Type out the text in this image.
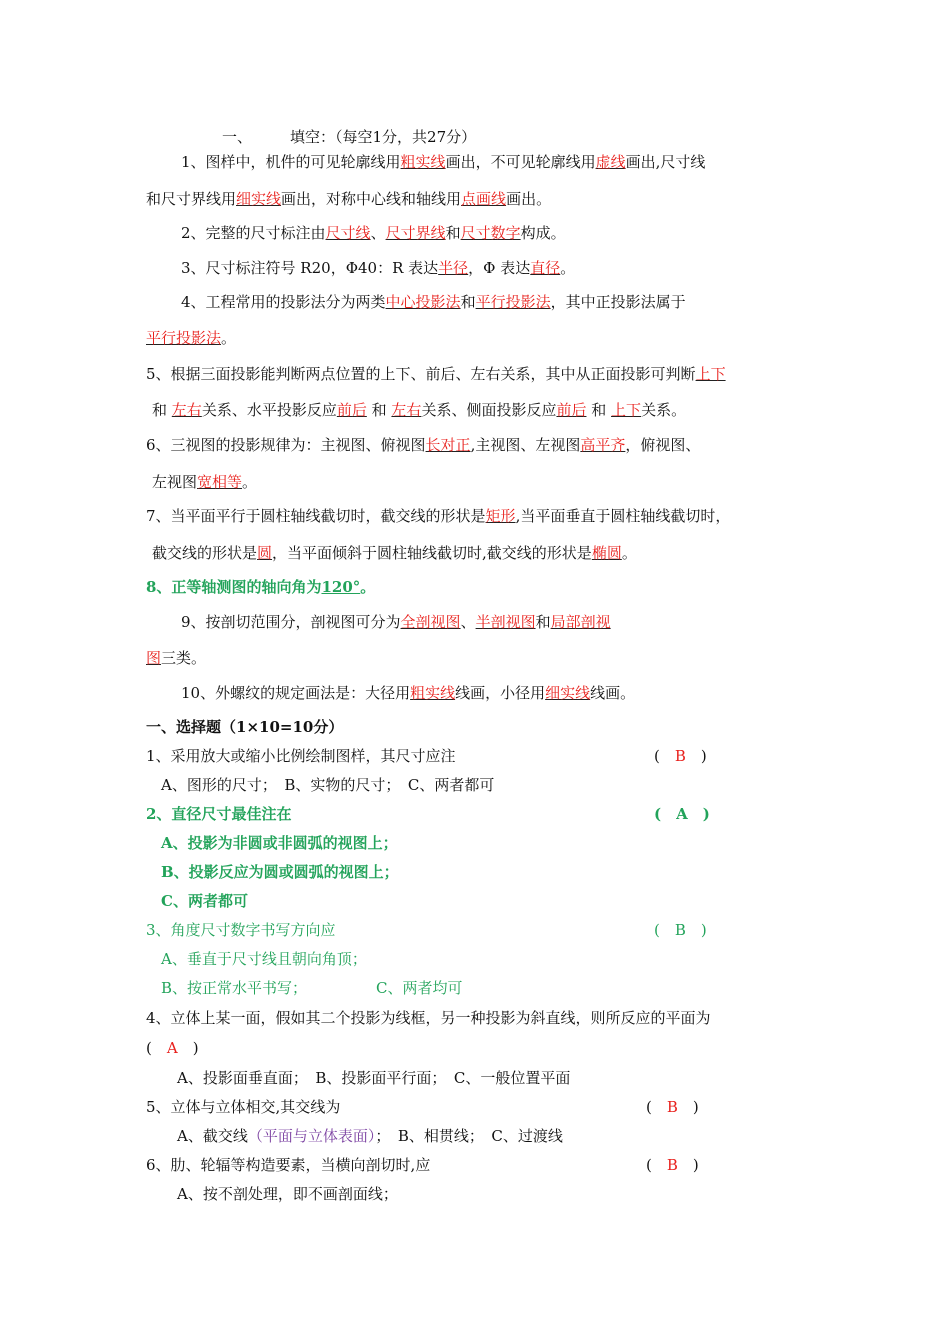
一、	填空：（每空1分，共27分）
1、图样中，机件的可见轮廓线用粗实线画出，不可见轮廓线用虚线画出,尺寸线
和尺寸界线用细实线画出，对称中心线和轴线用点画线画出。
2、完整的尺寸标注由尺寸线、尺寸界线和尺寸数字构成。
3、尺寸标注符号 R20，Φ40：R 表达半径，Φ 表达直径。
4、工程常用的投影法分为两类中心投影法和平行投影法，其中正投影法属于
平行投影法。
5、根据三面投影能判断两点位置的上下、前后、左右关系，其中从正面投影可判断上下
和 左右关系、水平投影反应前后 和 左右关系、侧面投影反应前后 和 上下关系。
6、三视图的投影规律为：主视图、俯视图长对正,主视图、左视图高平齐，俯视图、
左视图宽相等。
7、当平面平行于圆柱轴线截切时，截交线的形状是矩形,当平面垂直于圆柱轴线截切时，
截交线的形状是圆，当平面倾斜于圆柱轴线截切时,截交线的形状是椭圆。
8、正等轴测图的轴向角为120°。
9、按剖切范围分，剖视图可分为全剖视图、半剖视图和局部剖视
图三类。
10、外螺纹的规定画法是：大径用粗实线线画，小径用细实线线画。
一、选择题（1×10=10分）
1、采用放大或缩小比例绘制图样，其尺寸应注	(　B　)
A、图形的尺寸；　B、实物的尺寸；　C、两者都可
2、直径尺寸最佳注在	(　A　)
A、投影为非圆或非圆弧的视图上；
B、投影反应为圆或圆弧的视图上；
C、两者都可
3、角度尺寸数字书写方向应	(　B　)
A、垂直于尺寸线且朝向角顶；
B、按正常水平书写；	C、两者均可
4、立体上某一面，假如其二个投影为线框，另一种投影为斜直线，则所反应的平面为
(　A　)
A、投影面垂直面；　B、投影面平行面；　C、一般位置平面
5、立体与立体相交,其交线为	(　B　)
A、截交线（平面与立体表面）；　B、相贯线；　C、过渡线
6、肋、轮辐等构造要素，当横向剖切时,应	(　B　)
A、按不剖处理，即不画剖面线；
